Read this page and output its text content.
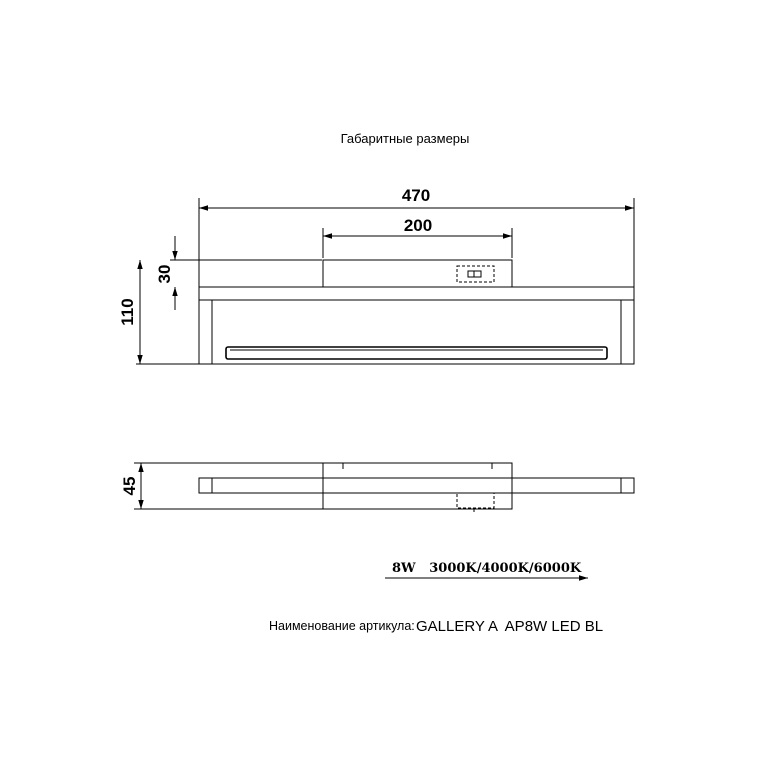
Габаритные размеры
470
200
30
110
45
8W   3000K/4000K/6000K
Наименование артикула: GALLERY A  AP8W LED BL
